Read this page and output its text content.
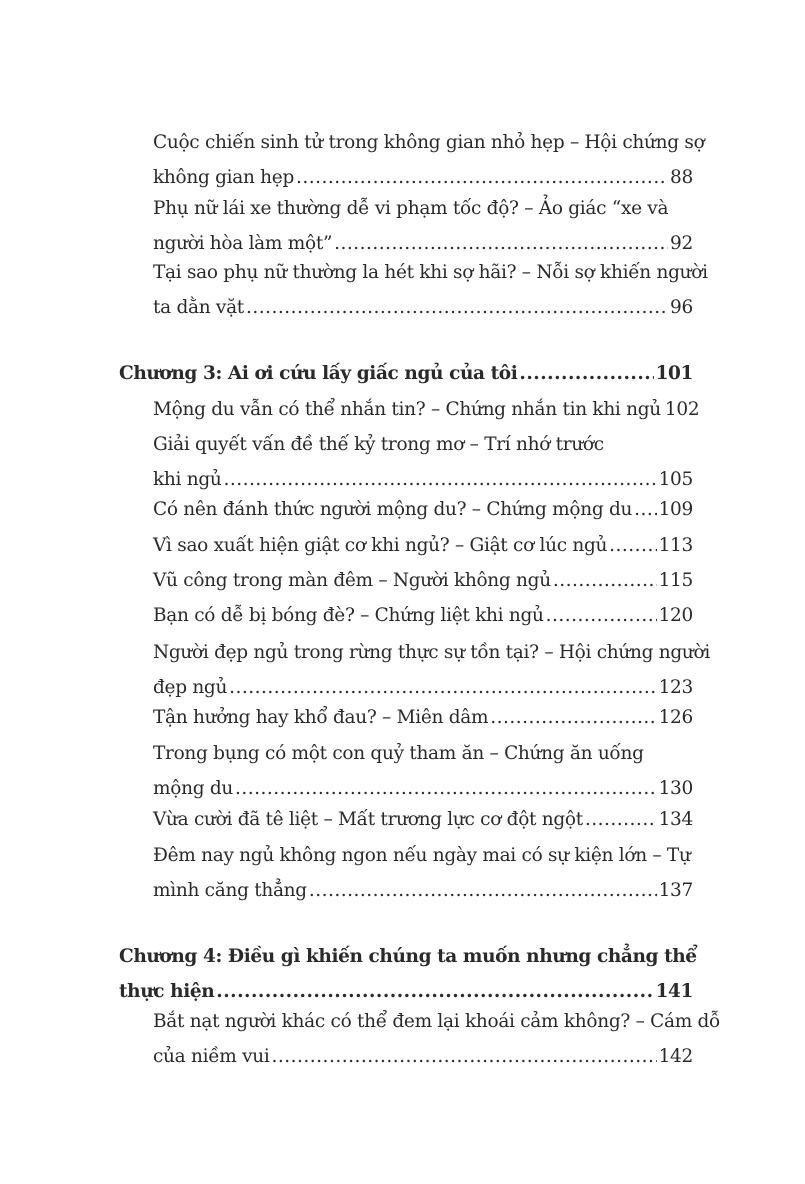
Cuộc chiến sinh tử trong không gian nhỏ hẹp – Hội chứng sợ
không gian hẹp .....	88
Phụ nữ lái xe thường dễ vi phạm tốc độ? – Ảo giác “xe và
người hòa làm một” .....	92
Tại sao phụ nữ thường la hét khi sợ hãi? – Nỗi sợ khiến người
ta dằn vặt .....	96
Chương 3: Ai ơi cứu lấy giấc ngủ của tôi .....	101
Mộng du vẫn có thể nhắn tin? – Chứng nhắn tin khi ngủ 102
Giải quyết vấn đề thế kỷ trong mơ – Trí nhớ trước
khi ngủ .....	105
Có nên đánh thức người mộng du? – Chứng mộng du ..... 109
Vì sao xuất hiện giật cơ khi ngủ? – Giật cơ lúc ngủ .....	113
Vũ công trong màn đêm – Người không ngủ .....	115
Bạn có dễ bị bóng đè? – Chứng liệt khi ngủ .....	120
Người đẹp ngủ trong rừng thực sự tồn tại? – Hội chứng người
đẹp ngủ .....	123
Tận hưởng hay khổ đau? – Miên dâm .....	126
Trong bụng có một con quỷ tham ăn – Chứng ăn uống
mộng du .....	130
Vừa cười đã tê liệt – Mất trương lực cơ đột ngột .....	134
Đêm nay ngủ không ngon nếu ngày mai có sự kiện lớn – Tự
mình căng thẳng .....	137
Chương 4: Điều gì khiến chúng ta muốn nhưng chẳng thể
thực hiện .....	141
Bắt nạt người khác có thể đem lại khoái cảm không? – Cám dỗ
của niềm vui .....	142
